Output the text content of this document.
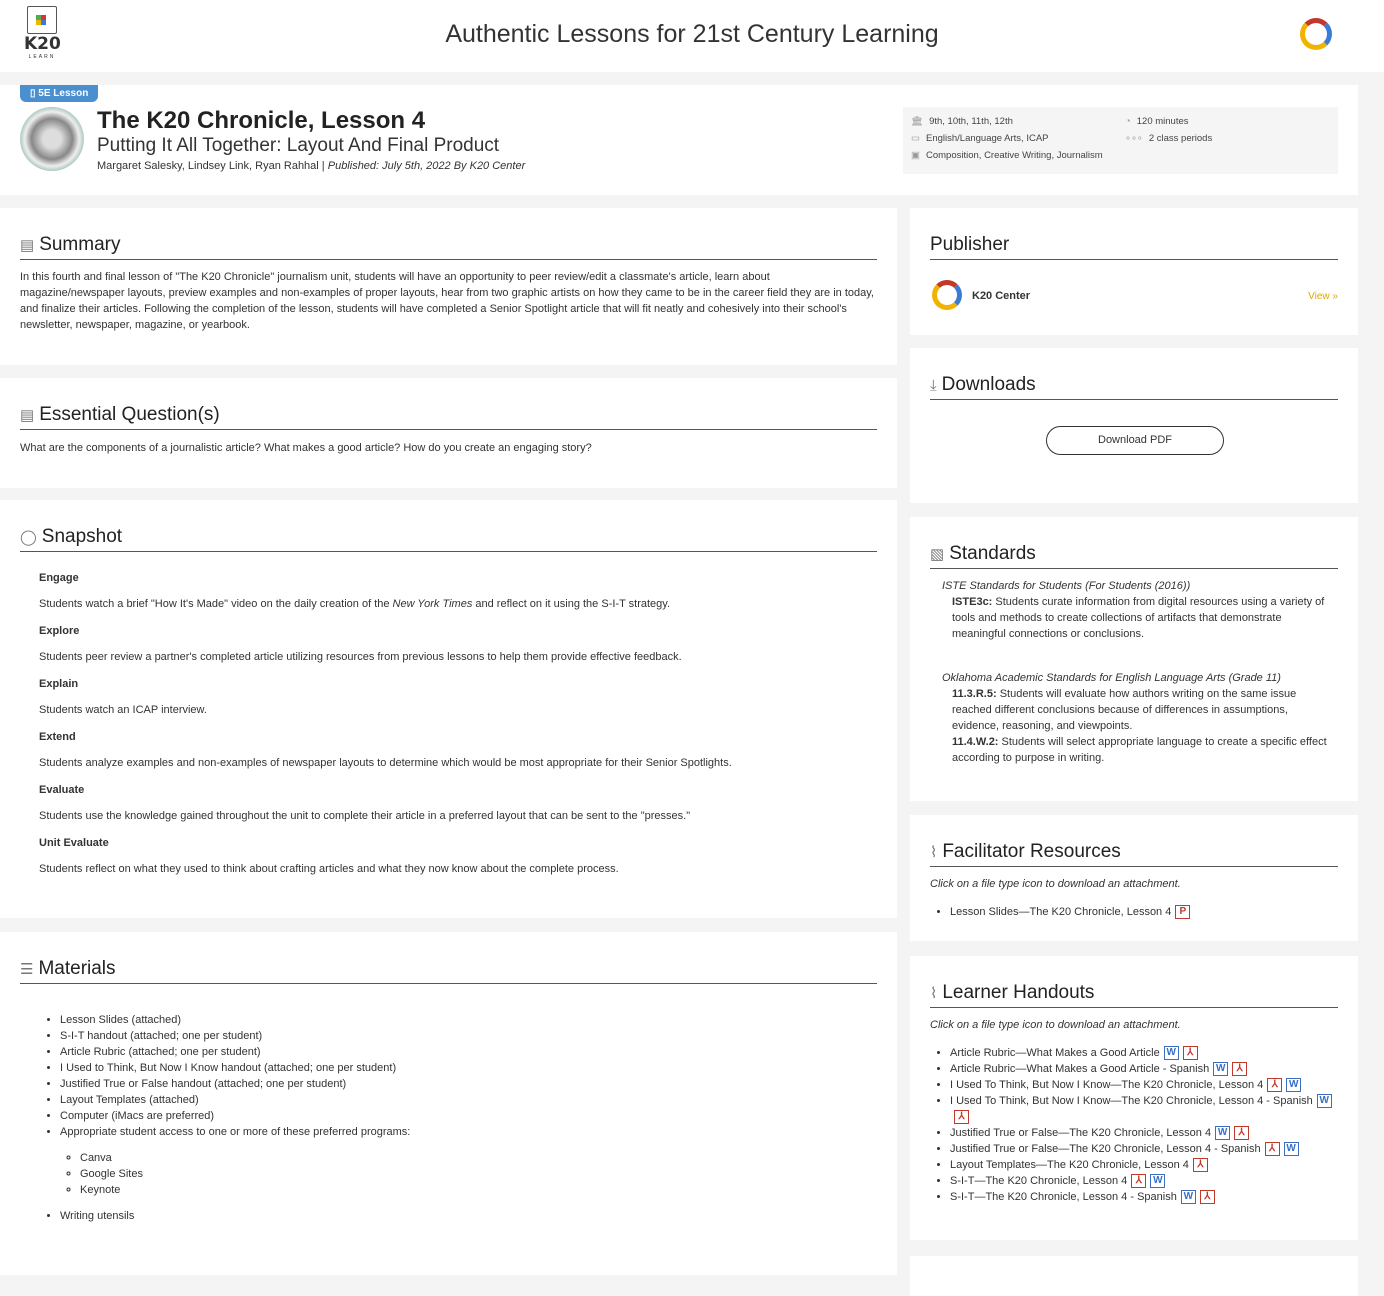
K20
LEARN
Authentic Lessons for 21st Century Learning
▯ 5E Lesson
The K20 Chronicle, Lesson 4
Putting It All Together: Layout And Final Product
Margaret Salesky, Lindsey Link, Ryan Rahhal | Published: July 5th, 2022 By K20 Center
🏛 9th, 10th, 11th, 12th
▭ English/Language Arts, ICAP
▣ Composition, Creative Writing, Journalism
◔ 120 minutes
∘∘∘ 2 class periods
▤ Summary
In this fourth and final lesson of "The K20 Chronicle" journalism unit, students will have an opportunity to peer review/edit a classmate's article, learn about magazine/newspaper layouts, preview examples and non-examples of proper layouts, hear from two graphic artists on how they came to be in the career field they are in today, and finalize their articles. Following the completion of the lesson, students will have completed a Senior Spotlight article that will fit neatly and cohesively into their school's newsletter, newspaper, magazine, or yearbook.
▤ Essential Question(s)
What are the components of a journalistic article? What makes a good article? How do you create an engaging story?
◯ Snapshot
Engage

Students watch a brief "How It's Made" video on the daily creation of the New York Times and reflect on it using the S-I-T strategy.

Explore

Students peer review a partner's completed article utilizing resources from previous lessons to help them provide effective feedback.

Explain

Students watch an ICAP interview.

Extend

Students analyze examples and non-examples of newspaper layouts to determine which would be most appropriate for their Senior Spotlights.

Evaluate

Students use the knowledge gained throughout the unit to complete their article in a preferred layout that can be sent to the "presses."

Unit Evaluate

Students reflect on what they used to think about crafting articles and what they now know about the complete process.

☰ Materials
• Lesson Slides (attached)
• S-I-T handout (attached; one per student)
• Article Rubric (attached; one per student)
• I Used to Think, But Now I Know handout (attached; one per student)
• Justified True or False handout (attached; one per student)
• Layout Templates (attached)
• Computer (iMacs are preferred)
• Appropriate student access to one or more of these preferred programs:
◦ Canva
◦ Google Sites
◦ Keynote
• Writing utensils
Publisher
K20 Center	View »
⤓ Downloads
Download PDF
▧ Standards
ISTE Standards for Students (For Students (2016))
ISTE3c: Students curate information from digital resources using a variety of tools and methods to create collections of artifacts that demonstrate meaningful connections or conclusions.
Oklahoma Academic Standards for English Language Arts (Grade 11)
11.3.R.5: Students will evaluate how authors writing on the same issue reached different conclusions because of differences in assumptions, evidence, reasoning, and viewpoints.
11.4.W.2: Students will select appropriate language to create a specific effect according to purpose in writing.
⌇ Facilitator Resources
Click on a file type icon to download an attachment.
• Lesson Slides—The K20 Chronicle, Lesson 4 P
⌇ Learner Handouts
Click on a file type icon to download an attachment.
• Article Rubric—What Makes a Good Article W ⅄
• Article Rubric—What Makes a Good Article - Spanish W ⅄
• I Used To Think, But Now I Know—The K20 Chronicle, Lesson 4 ⅄ W
• I Used To Think, But Now I Know—The K20 Chronicle, Lesson 4 - Spanish W⅄
• Justified True or False—The K20 Chronicle, Lesson 4 W ⅄
• Justified True or False—The K20 Chronicle, Lesson 4 - Spanish ⅄ W
• Layout Templates—The K20 Chronicle, Lesson 4 ⅄
• S-I-T—The K20 Chronicle, Lesson 4 ⅄ W
• S-I-T—The K20 Chronicle, Lesson 4 - Spanish W ⅄
